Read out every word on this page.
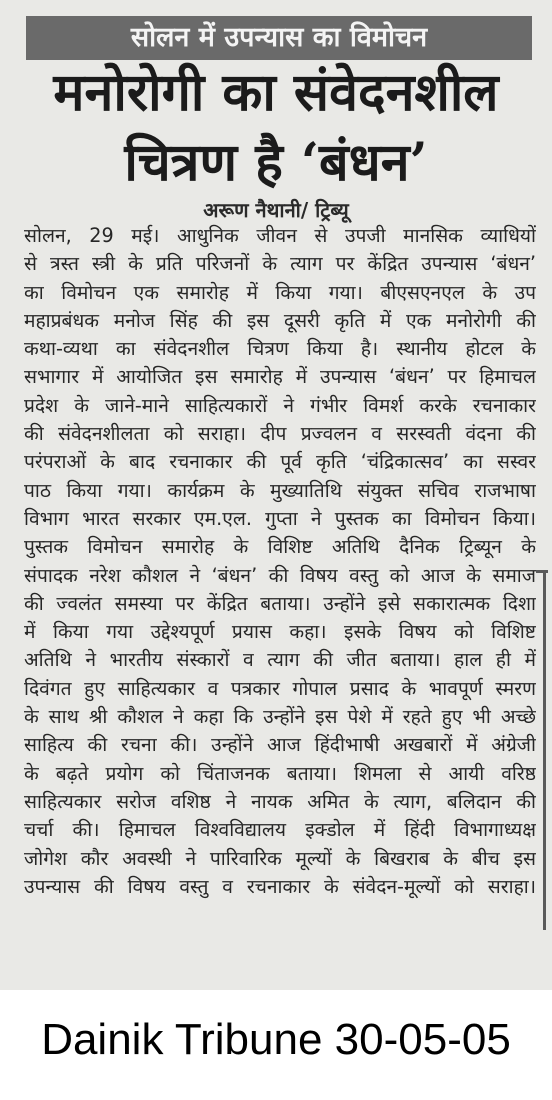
सोलन में उपन्यास का विमोचन
मनोरोगी का संवेदनशील
चित्रण है ‘बंधन’
अरूण नैथानी/ ट्रिब्यू
सोलन, 29 मई। आधुनिक जीवन से उपजी मानसिक व्याधियों
से त्रस्त स्त्री के प्रति परिजनों के त्याग पर केंद्रित उपन्यास ‘बंधन’
का विमोचन एक समारोह में किया गया। बीएसएनएल के उप
महाप्रबंधक मनोज सिंह की इस दूसरी कृति में एक मनोरोगी की
कथा-व्यथा का संवेदनशील चित्रण किया है। स्थानीय होटल के
सभागार में आयोजित इस समारोह में उपन्यास ‘बंधन’ पर हिमाचल
प्रदेश के जाने-माने साहित्यकारों ने गंभीर विमर्श करके रचनाकार
की संवेदनशीलता को सराहा। दीप प्रज्वलन व सरस्वती वंदना की
परंपराओं के बाद रचनाकार की पूर्व कृति ‘चंद्रिकात्सव’ का सस्वर
पाठ किया गया। कार्यक्रम के मुख्यातिथि संयुक्त सचिव राजभाषा
विभाग भारत सरकार एम.एल. गुप्ता ने पुस्तक का विमोचन किया।
पुस्तक विमोचन समारोह के विशिष्ट अतिथि दैनिक ट्रिब्यून के
संपादक नरेश कौशल ने ‘बंधन’ की विषय वस्तु को आज के समाज
की ज्वलंत समस्या पर केंद्रित बताया। उन्होंने इसे सकारात्मक दिशा
में किया गया उद्देश्यपूर्ण प्रयास कहा। इसके विषय को विशिष्ट
अतिथि ने भारतीय संस्कारों व त्याग की जीत बताया। हाल ही में
दिवंगत हुए साहित्यकार व पत्रकार गोपाल प्रसाद के भावपूर्ण स्मरण
के साथ श्री कौशल ने कहा कि उन्होंने इस पेशे में रहते हुए भी अच्छे
साहित्य की रचना की। उन्होंने आज हिंदीभाषी अखबारों में अंग्रेजी
के बढ़ते प्रयोग को चिंताजनक बताया। शिमला से आयी वरिष्ठ
साहित्यकार सरोज वशिष्ठ ने नायक अमित के त्याग, बलिदान की
चर्चा की। हिमाचल विश्वविद्यालय इक्डोल में हिंदी विभागाध्यक्ष
जोगेश कौर अवस्थी ने पारिवारिक मूल्यों के बिखराब के बीच इस
उपन्यास की विषय वस्तु व रचनाकार के संवेदन-मूल्यों को सराहा।
Dainik Tribune 30-05-05
